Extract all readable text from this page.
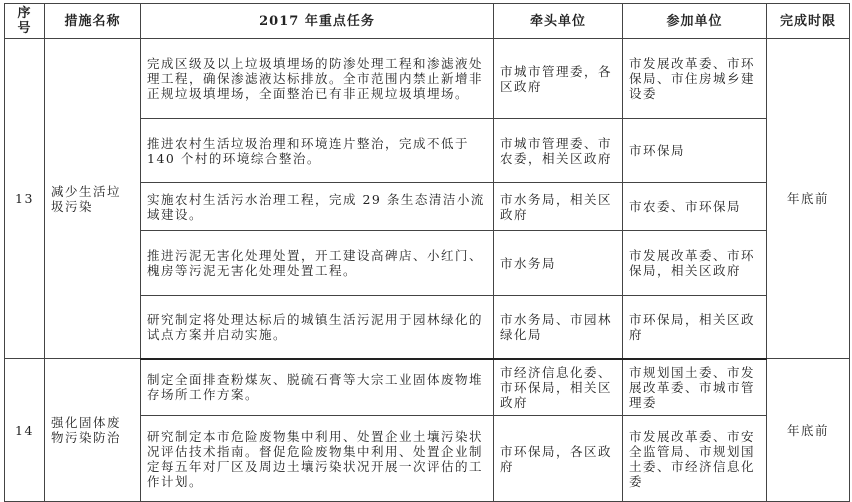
序号	措施名称	2017 年重点任务	牵头单位	参加单位	完成时限
13	减少生活垃圾污染	完成区级及以上垃圾填埋场的防渗处理工程和渗滤液处理工程，确保渗滤液达标排放。全市范围内禁止新增非正规垃圾填埋场，全面整治已有非正规垃圾填埋场。	市城市管理委，各区政府	市发展改革委、市环保局、市住房城乡建设委	年底前
		推进农村生活垃圾治理和环境连片整治，完成不低于 140 个村的环境综合整治。	市城市管理委、市农委，相关区政府	市环保局	
		实施农村生活污水治理工程，完成 29 条生态清洁小流域建设。	市水务局，相关区政府	市农委、市环保局	
		推进污泥无害化处理处置，开工建设高碑店、小红门、槐房等污泥无害化处理处置工程。	市水务局	市发展改革委、市环保局，相关区政府	
		研究制定将处理达标后的城镇生活污泥用于园林绿化的试点方案并启动实施。	市水务局、市园林绿化局	市环保局，相关区政府	
14	强化固体废物污染防治	制定全面排查粉煤灰、脱硫石膏等大宗工业固体废物堆存场所工作方案。	市经济信息化委、市环保局，相关区政府	市规划国土委、市发展改革委、市城市管理委	年底前
		研究制定本市危险废物集中利用、处置企业土壤污染状况评估技术指南。督促危险废物集中利用、处置企业制定每五年对厂区及周边土壤污染状况开展一次评估的工作计划。	市环保局，各区政府	市发展改革委、市安全监管局、市规划国土委、市经济信息化委	
